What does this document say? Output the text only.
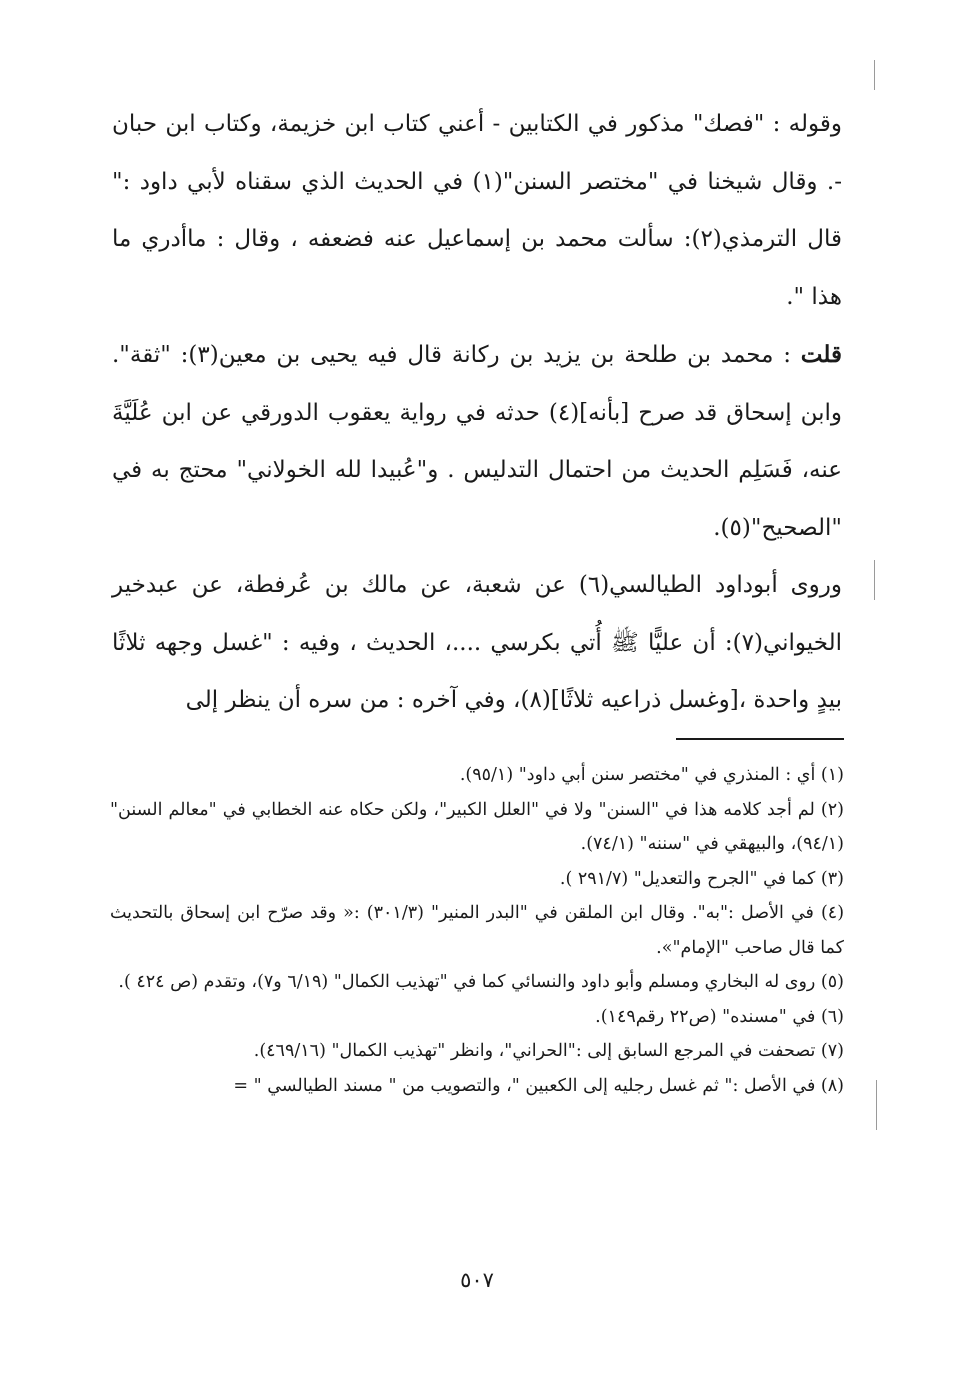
وقوله : "فصك" مذكور في الكتابين - أعني كتاب ابن خزيمة، وكتاب ابن حبان -. وقال شيخنا في "مختصر السنن"(١) في الحديث الذي سقناه لأبي داود :" قال الترمذي(٢): سألت محمد بن إسماعيل عنه فضعفه ، وقال : ماأدري ما هذا ".

قلت : محمد بن طلحة بن يزيد بن ركانة قال فيه يحيى بن معين(٣): "ثقة". وابن إسحاق قد صرح [بأنه](٤) حدثه في رواية يعقوب الدورقي عن ابن عُلَيَّةَ عنه، فَسَلِم الحديث من احتمال التدليس . و"عُبيدا لله الخولاني" محتج به في "الصحيح"(٥).

وروى أبوداود الطيالسي(٦) عن شعبة، عن مالك بن عُرفطة، عن عبدخير الخيواني(٧): أن عليًّا ﷺ أُتي بكرسي ....، الحديث ، وفيه : "غسل وجهه ثلاثًا بيدٍ واحدة ،[وغسل ذراعيه ثلاثًا](٨)، وفي آخره : من سره أن ينظر إلى

(١) أي : المنذري في "مختصر سنن أبي داود" (٩٥/١).

(٢) لم أجد كلامه هذا في "السنن" ولا في "العلل الكبير"، ولكن حكاه عنه الخطابي في "معالم السنن" (٩٤/١)، والبيهقي في "سننه" (٧٤/١).

(٣) كما في "الجرح والتعديل" (٢٩١/٧ ).

(٤) في الأصل :"به". وقال ابن الملقن في "البدر المنير" (٣٠١/٣) :« وقد صرّح ابن إسحاق بالتحديث كما قال صاحب "الإمام"».

(٥) روى له البخاري ومسلم وأبو داود والنسائي كما في "تهذيب الكمال" (٦/١٩ و٧)، وتقدم (ص ٤٢٤ ).

(٦) في "مسنده" (ص٢٢ رقم١٤٩).

(٧) تصحفت في المرجع السابق إلى :"الحراني"، وانظر "تهذيب الكمال" (٤٦٩/١٦).

(٨) في الأصل :" ثم غسل رجليه إلى الكعبين "، والتصويب من " مسند الطيالسي " =

٥٠٧
